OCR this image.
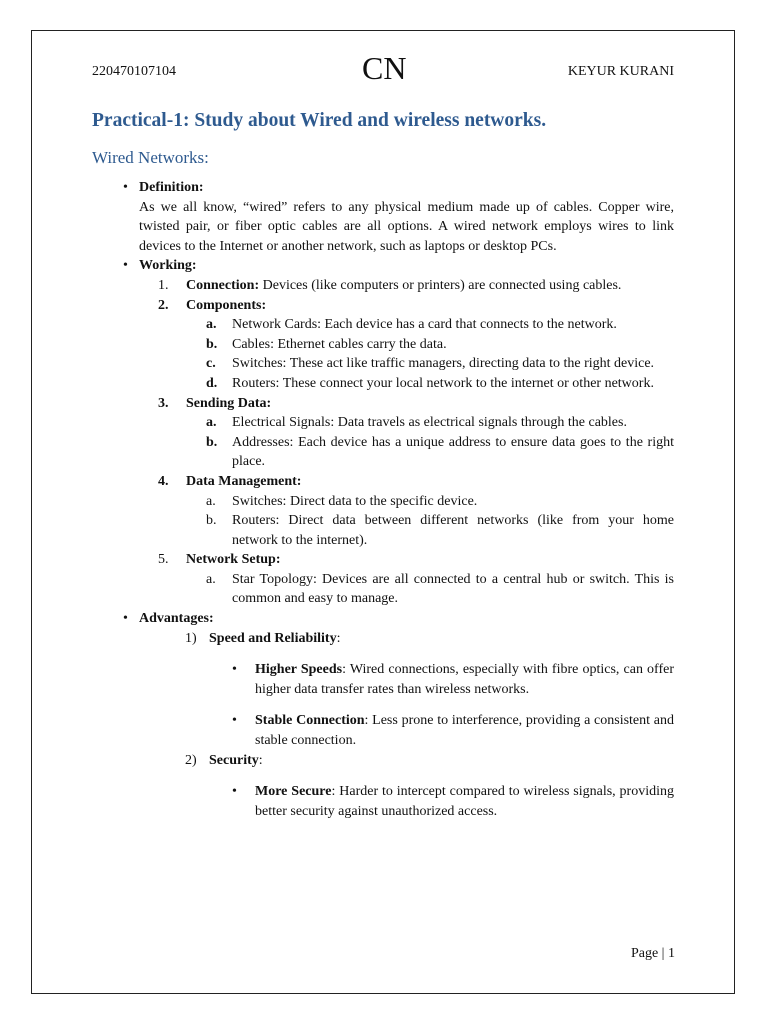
220470107104	CN	KEYUR KURANI
Practical-1: Study about Wired and wireless networks.
Wired Networks:
• Definition:
As we all know, “wired” refers to any physical medium made up of cables. Copper wire, twisted pair, or fiber optic cables are all options. A wired network employs wires to link devices to the Internet or another network, such as laptops or desktop PCs.
• Working:
1.	Connection: Devices (like computers or printers) are connected using cables.
2.	Components:
a.	Network Cards: Each device has a card that connects to the network.
b.	Cables: Ethernet cables carry the data.
c.	Switches: These act like traffic managers, directing data to the right device.
d.	Routers: These connect your local network to the internet or other network.
3.	Sending Data:
a.	Electrical Signals: Data travels as electrical signals through the cables.
b.	Addresses: Each device has a unique address to ensure data goes to the right place.
4.	Data Management:
a.	Switches: Direct data to the specific device.
b.	Routers: Direct data between different networks (like from your home network to the internet).
5.	Network Setup:
a.	Star Topology: Devices are all connected to a central hub or switch. This is common and easy to manage.
• Advantages:
1) Speed and Reliability:
•	Higher Speeds: Wired connections, especially with fibre optics, can offer higher data transfer rates than wireless networks.
•	Stable Connection: Less prone to interference, providing a consistent and stable connection.
2) Security:
•	More Secure: Harder to intercept compared to wireless signals, providing better security against unauthorized access.
Page | 1
